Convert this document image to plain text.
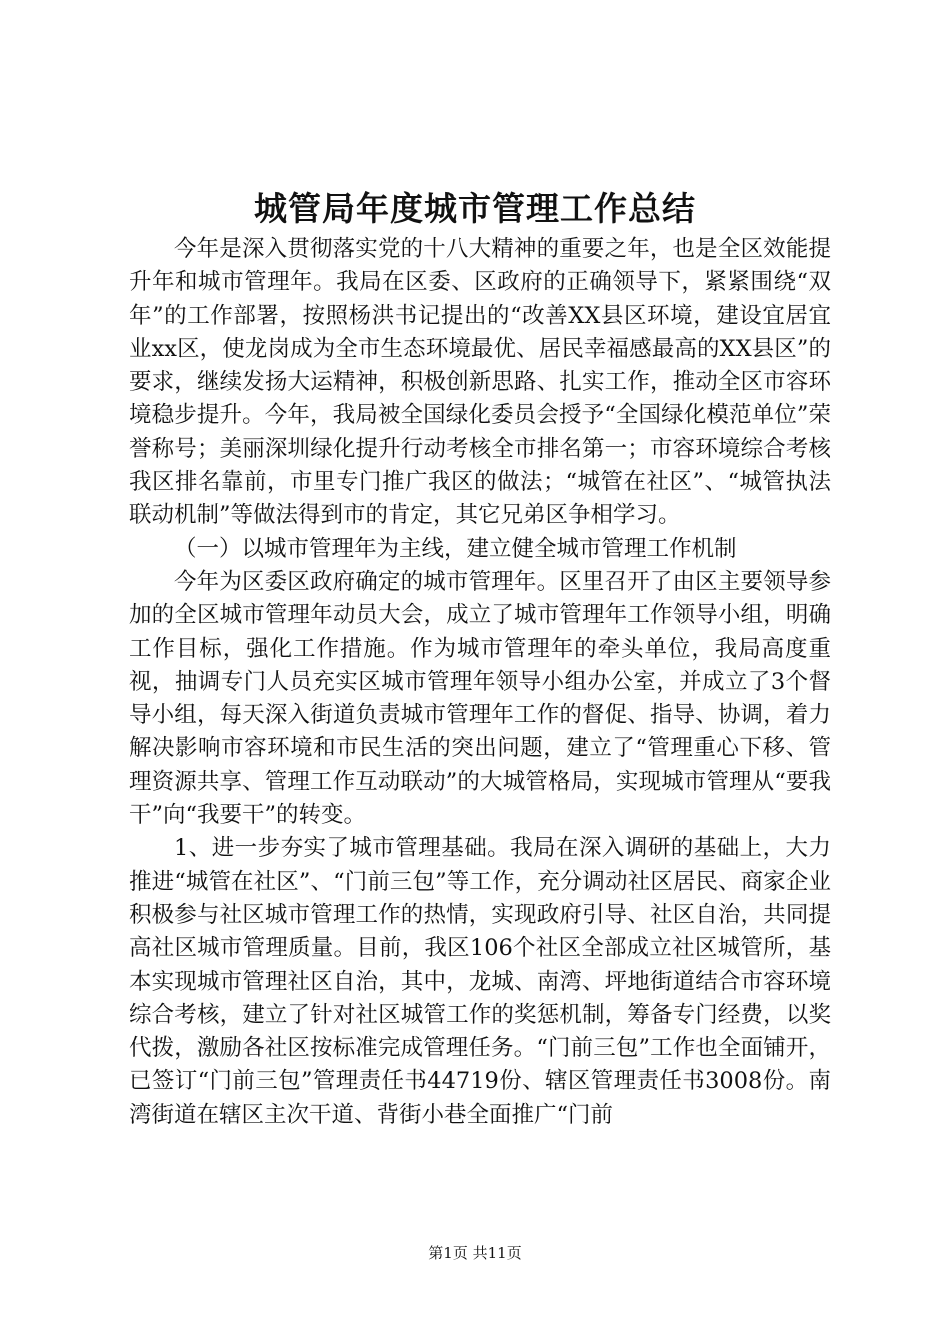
城管局年度城市管理工作总结

今年是深入贯彻落实党的十八大精神的重要之年，也是全区效能提升年和城市管理年。我局在区委、区政府的正确领导下，紧紧围绕“双年”的工作部署，按照杨洪书记提出的“改善XX县区环境，建设宜居宜业xx区，使龙岗成为全市生态环境最优、居民幸福感最高的XX县区”的要求，继续发扬大运精神，积极创新思路、扎实工作，推动全区市容环境稳步提升。今年，我局被全国绿化委员会授予“全国绿化模范单位”荣誉称号；美丽深圳绿化提升行动考核全市排名第一；市容环境综合考核我区排名靠前，市里专门推广我区的做法；“城管在社区”、“城管执法联动机制”等做法得到市的肯定，其它兄弟区争相学习。

（一）以城市管理年为主线，建立健全城市管理工作机制

今年为区委区政府确定的城市管理年。区里召开了由区主要领导参加的全区城市管理年动员大会，成立了城市管理年工作领导小组，明确工作目标，强化工作措施。作为城市管理年的牵头单位，我局高度重视，抽调专门人员充实区城市管理年领导小组办公室，并成立了3个督导小组，每天深入街道负责城市管理年工作的督促、指导、协调，着力解决影响市容环境和市民生活的突出问题，建立了“管理重心下移、管理资源共享、管理工作互动联动”的大城管格局，实现城市管理从“要我干”向“我要干”的转变。

1、进一步夯实了城市管理基础。我局在深入调研的基础上，大力推进“城管在社区”、“门前三包”等工作，充分调动社区居民、商家企业积极参与社区城市管理工作的热情，实现政府引导、社区自治，共同提高社区城市管理质量。目前，我区106个社区全部成立社区城管所，基本实现城市管理社区自治，其中，龙城、南湾、坪地街道结合市容环境综合考核，建立了针对社区城管工作的奖惩机制，筹备专门经费，以奖代拨，激励各社区按标准完成管理任务。“门前三包”工作也全面铺开，已签订“门前三包”管理责任书44719份、辖区管理责任书3008份。南湾街道在辖区主次干道、背街小巷全面推广“门前

第1页 共11页
